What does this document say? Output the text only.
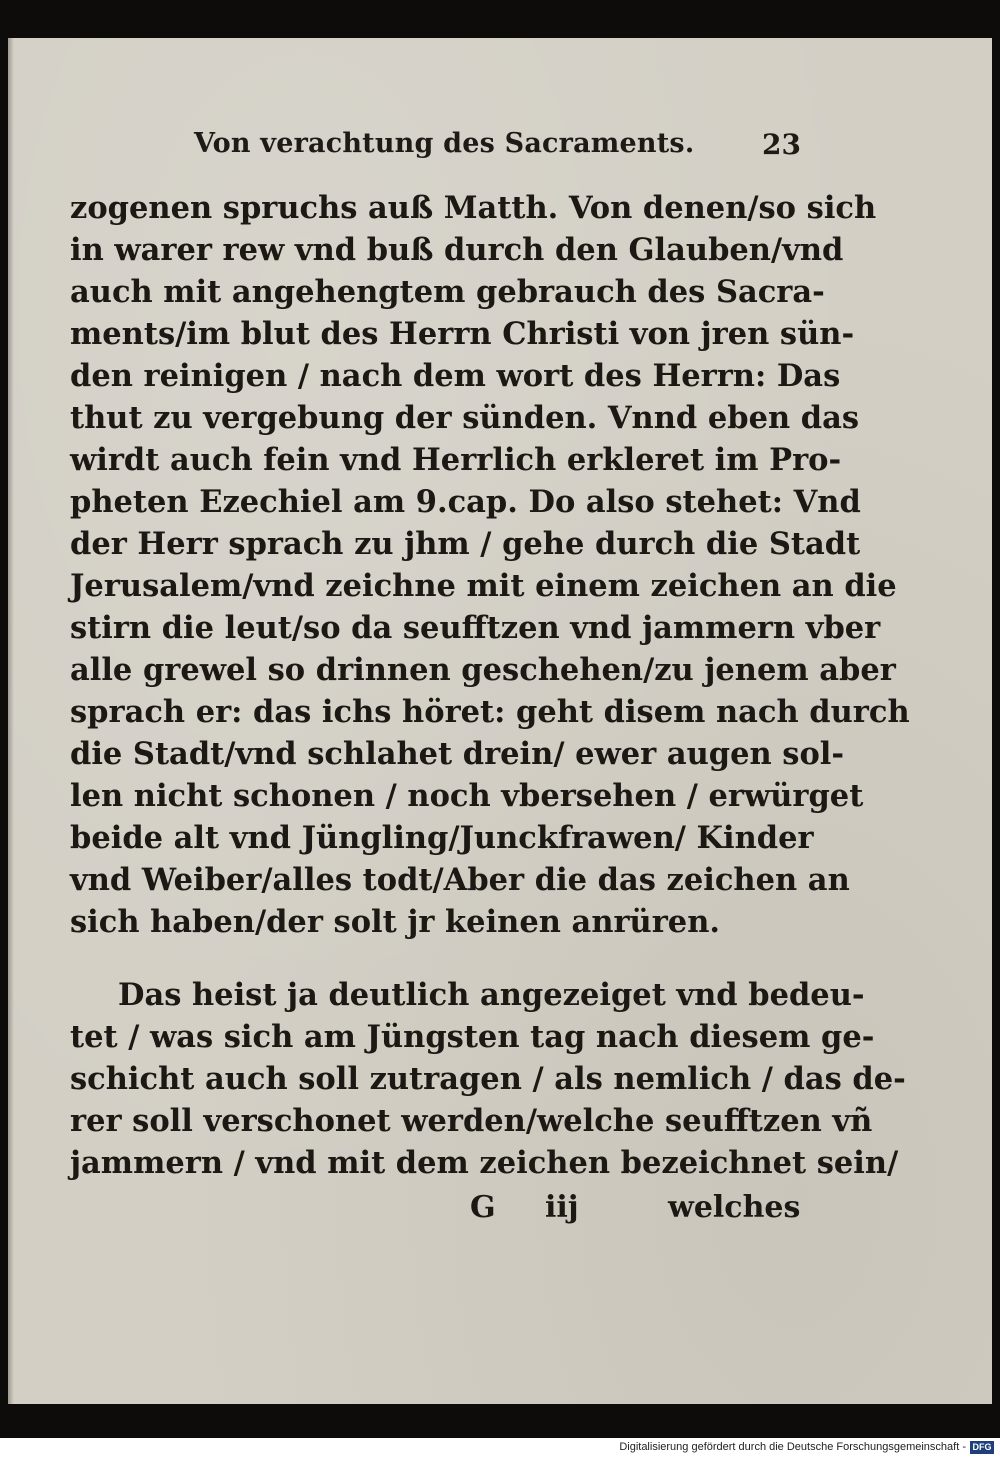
Von verachtung des Sacraments. 23
zogenen spruchs auß Matth. Von denen/so sich
in warer rew vnd buß durch den Glauben/vnd
auch mit angehengtem gebrauch des Sacra-
ments/im blut des Herrn Christi von jren sün-
den reinigen / nach dem wort des Herrn: Das
thut zu vergebung der sünden. Vnnd eben das
wirdt auch fein vnd Herrlich erkleret im Pro-
pheten Ezechiel am 9.cap. Do also stehet: Vnd
der Herr sprach zu jhm / gehe durch die Stadt
Jerusalem/vnd zeichne mit einem zeichen an die
stirn die leut/so da seufftzen vnd jammern vber
alle grewel so drinnen geschehen/zu jenem aber
sprach er: das ichs höret: geht disem nach durch
die Stadt/vnd schlahet drein/ ewer augen sol-
len nicht schonen / noch vbersehen / erwürget
beide alt vnd Jüngling/Junckfrawen/ Kinder
vnd Weiber/alles todt/Aber die das zeichen an
sich haben/der solt jr keinen anrüren.
Das heist ja deutlich angezeiget vnd bedeu-
tet / was sich am Jüngsten tag nach diesem ge-
schicht auch soll zutragen / als nemlich / das de-
rer soll verschonet werden/welche seufftzen vñ
jammern / vnd mit dem zeichen bezeichnet sein/
G iij	welches
Digitalisierung gefördert durch die Deutsche Forschungsgemeinschaft - DFG
